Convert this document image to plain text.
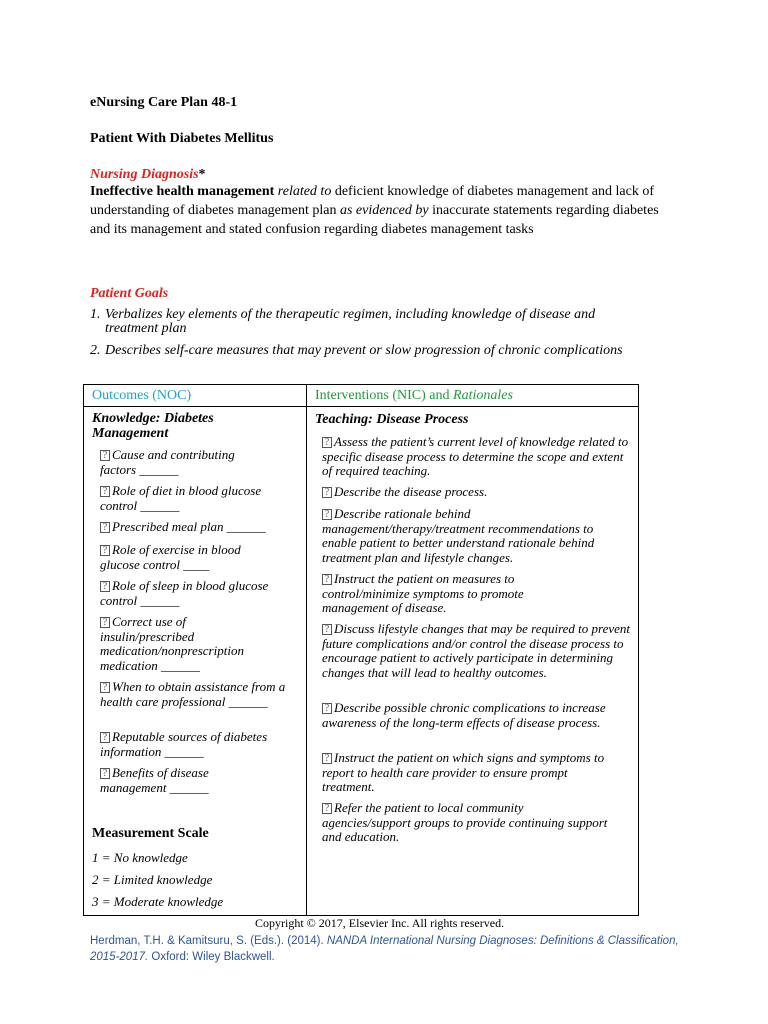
eNursing Care Plan 48-1
Patient With Diabetes Mellitus
Nursing Diagnosis*
Ineffective health management related to deficient knowledge of diabetes management and lack of understanding of diabetes management plan as evidenced by inaccurate statements regarding diabetes and its management and stated confusion regarding diabetes management tasks
Patient Goals
1. Verbalizes key elements of the therapeutic regimen, including knowledge of disease and
treatment plan
2. Describes self-care measures that may prevent or slow progression of chronic complications
Outcomes (NOC)	Interventions (NIC) and Rationales
Knowledge: Diabetes Management
? Cause and contributing factors ______
? Role of diet in blood glucose control ______
? Prescribed meal plan ______
? Role of exercise in blood glucose control ____
? Role of sleep in blood glucose control ______
? Correct use of insulin/prescribed medication/nonprescription medication ______
? When to obtain assistance from a health care professional ______
? Reputable sources of diabetes information ______
? Benefits of disease management ______
Measurement Scale
1 = No knowledge
2 = Limited knowledge
3 = Moderate knowledge
Teaching: Disease Process
? Assess the patient’s current level of knowledge related to specific disease process to determine the scope and extent of required teaching.
? Describe the disease process.
? Describe rationale behind management/therapy/treatment recommendations to enable patient to better understand rationale behind treatment plan and lifestyle changes.
? Instruct the patient on measures to control/minimize symptoms to promote management of disease.
? Discuss lifestyle changes that may be required to prevent future complications and/or control the disease process to encourage patient to actively participate in determining changes that will lead to healthy outcomes.
? Describe possible chronic complications to increase awareness of the long-term effects of disease process.
? Instruct the patient on which signs and symptoms to report to health care provider to ensure prompt treatment.
? Refer the patient to local community agencies/support groups to provide continuing support and education.
Copyright © 2017, Elsevier Inc. All rights reserved.
Herdman, T.H. & Kamitsuru, S. (Eds.). (2014). NANDA International Nursing Diagnoses: Definitions & Classification, 2015-2017. Oxford: Wiley Blackwell.
